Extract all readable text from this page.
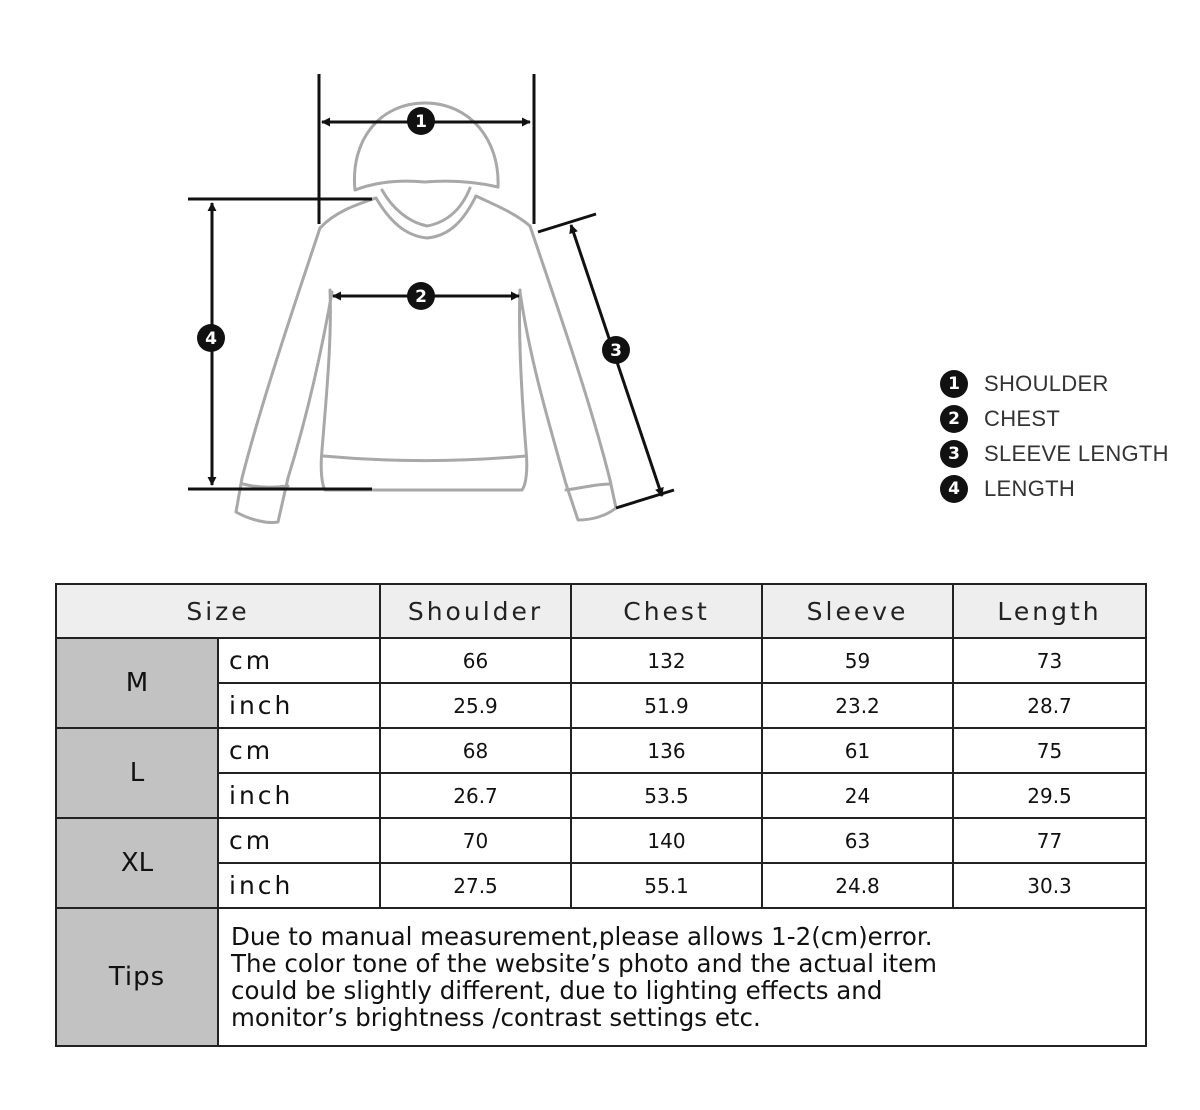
1
2
3
4
1	SHOULDER
2	CHEST
3	SLEEVE LENGTH
4	LENGTH
Size		Shoulder	Chest	Sleeve	Length
M	cm	66	132	59	73
	inch	25.9	51.9	23.2	28.7
L	cm	68	136	61	75
	inch	26.7	53.5	24	29.5
XL	cm	70	140	63	77
	inch	27.5	55.1	24.8	30.3
Tips	Due to manual measurement,please allows 1-2(cm)error.
The color tone of the website’s photo and the actual item
could be slightly different, due to lighting effects and
monitor’s brightness /contrast settings etc.				
